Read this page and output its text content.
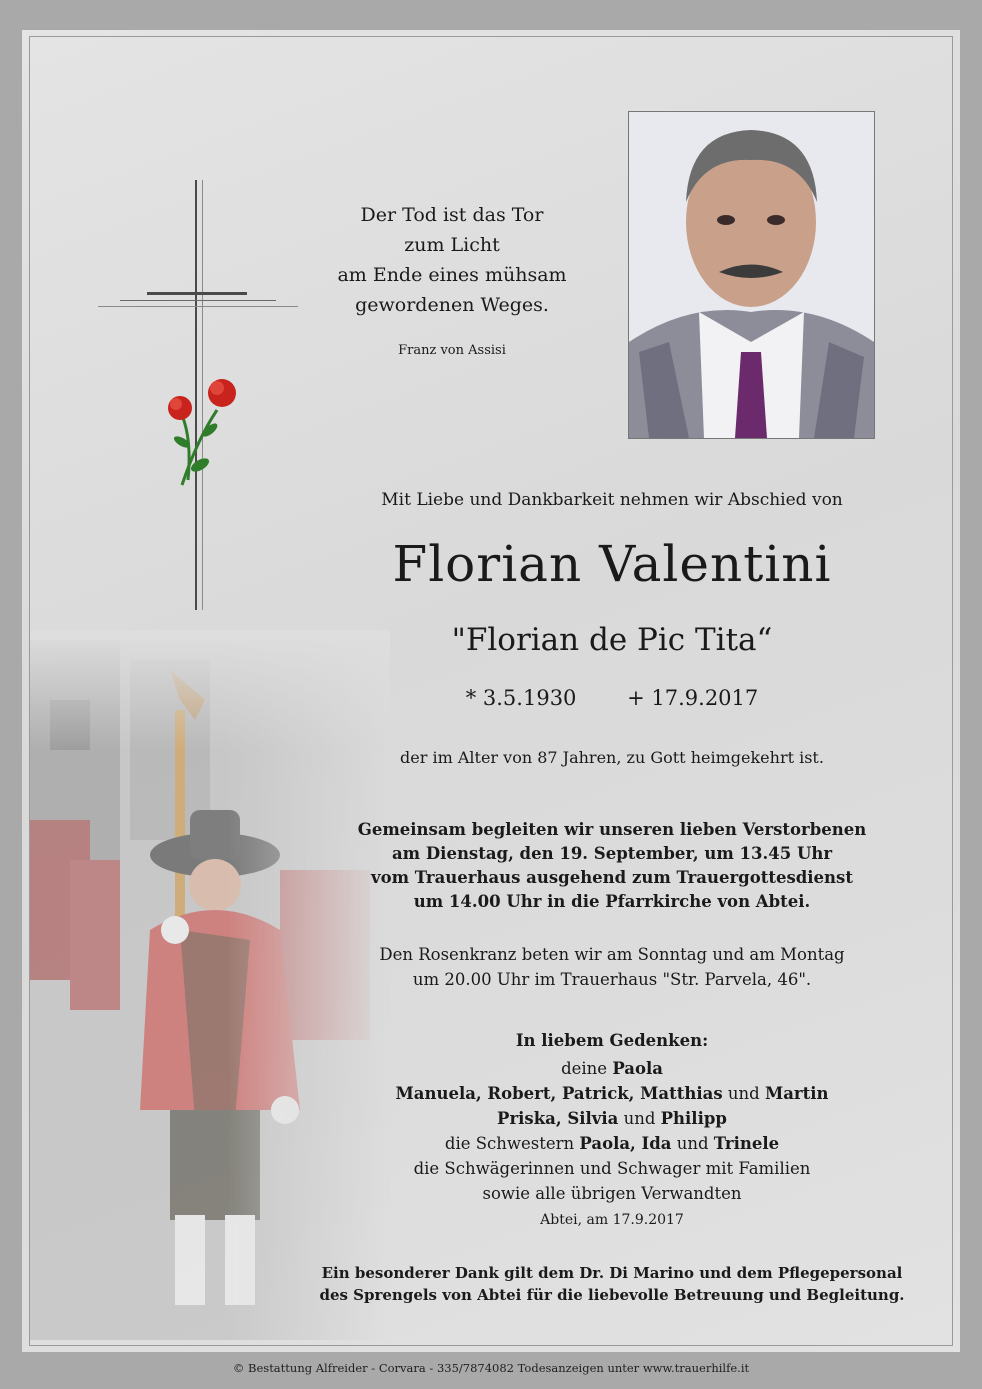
Der Tod ist das Tor
zum Licht
am Ende eines mühsam
gewordenen Weges.
Franz von Assisi
Mit Liebe und Dankbarkeit nehmen wir Abschied von
Florian Valentini
"Florian de Pic Tita“
* 3.5.1930 + 17.9.2017
der im Alter von 87 Jahren, zu Gott heimgekehrt ist.
Gemeinsam begleiten wir unseren lieben Verstorbenen
am Dienstag, den 19. September, um 13.45 Uhr
vom Trauerhaus ausgehend zum Trauergottesdienst
um 14.00 Uhr in die Pfarrkirche von Abtei.
Den Rosenkranz beten wir am Sonntag und am Montag
um 20.00 Uhr im Trauerhaus "Str. Parvela, 46".
In liebem Gedenken:
deine Paola
Manuela, Robert, Patrick, Matthias und Martin
Priska, Silvia und Philipp
die Schwestern Paola, Ida und Trinele
die Schwägerinnen und Schwager mit Familien
sowie alle übrigen Verwandten
Abtei, am 17.9.2017
Ein besonderer Dank gilt dem Dr. Di Marino und dem Pflegepersonal
des Sprengels von Abtei für die liebevolle Betreuung und Begleitung.
© Bestattung Alfreider - Corvara - 335/7874082 Todesanzeigen unter www.trauerhilfe.it
